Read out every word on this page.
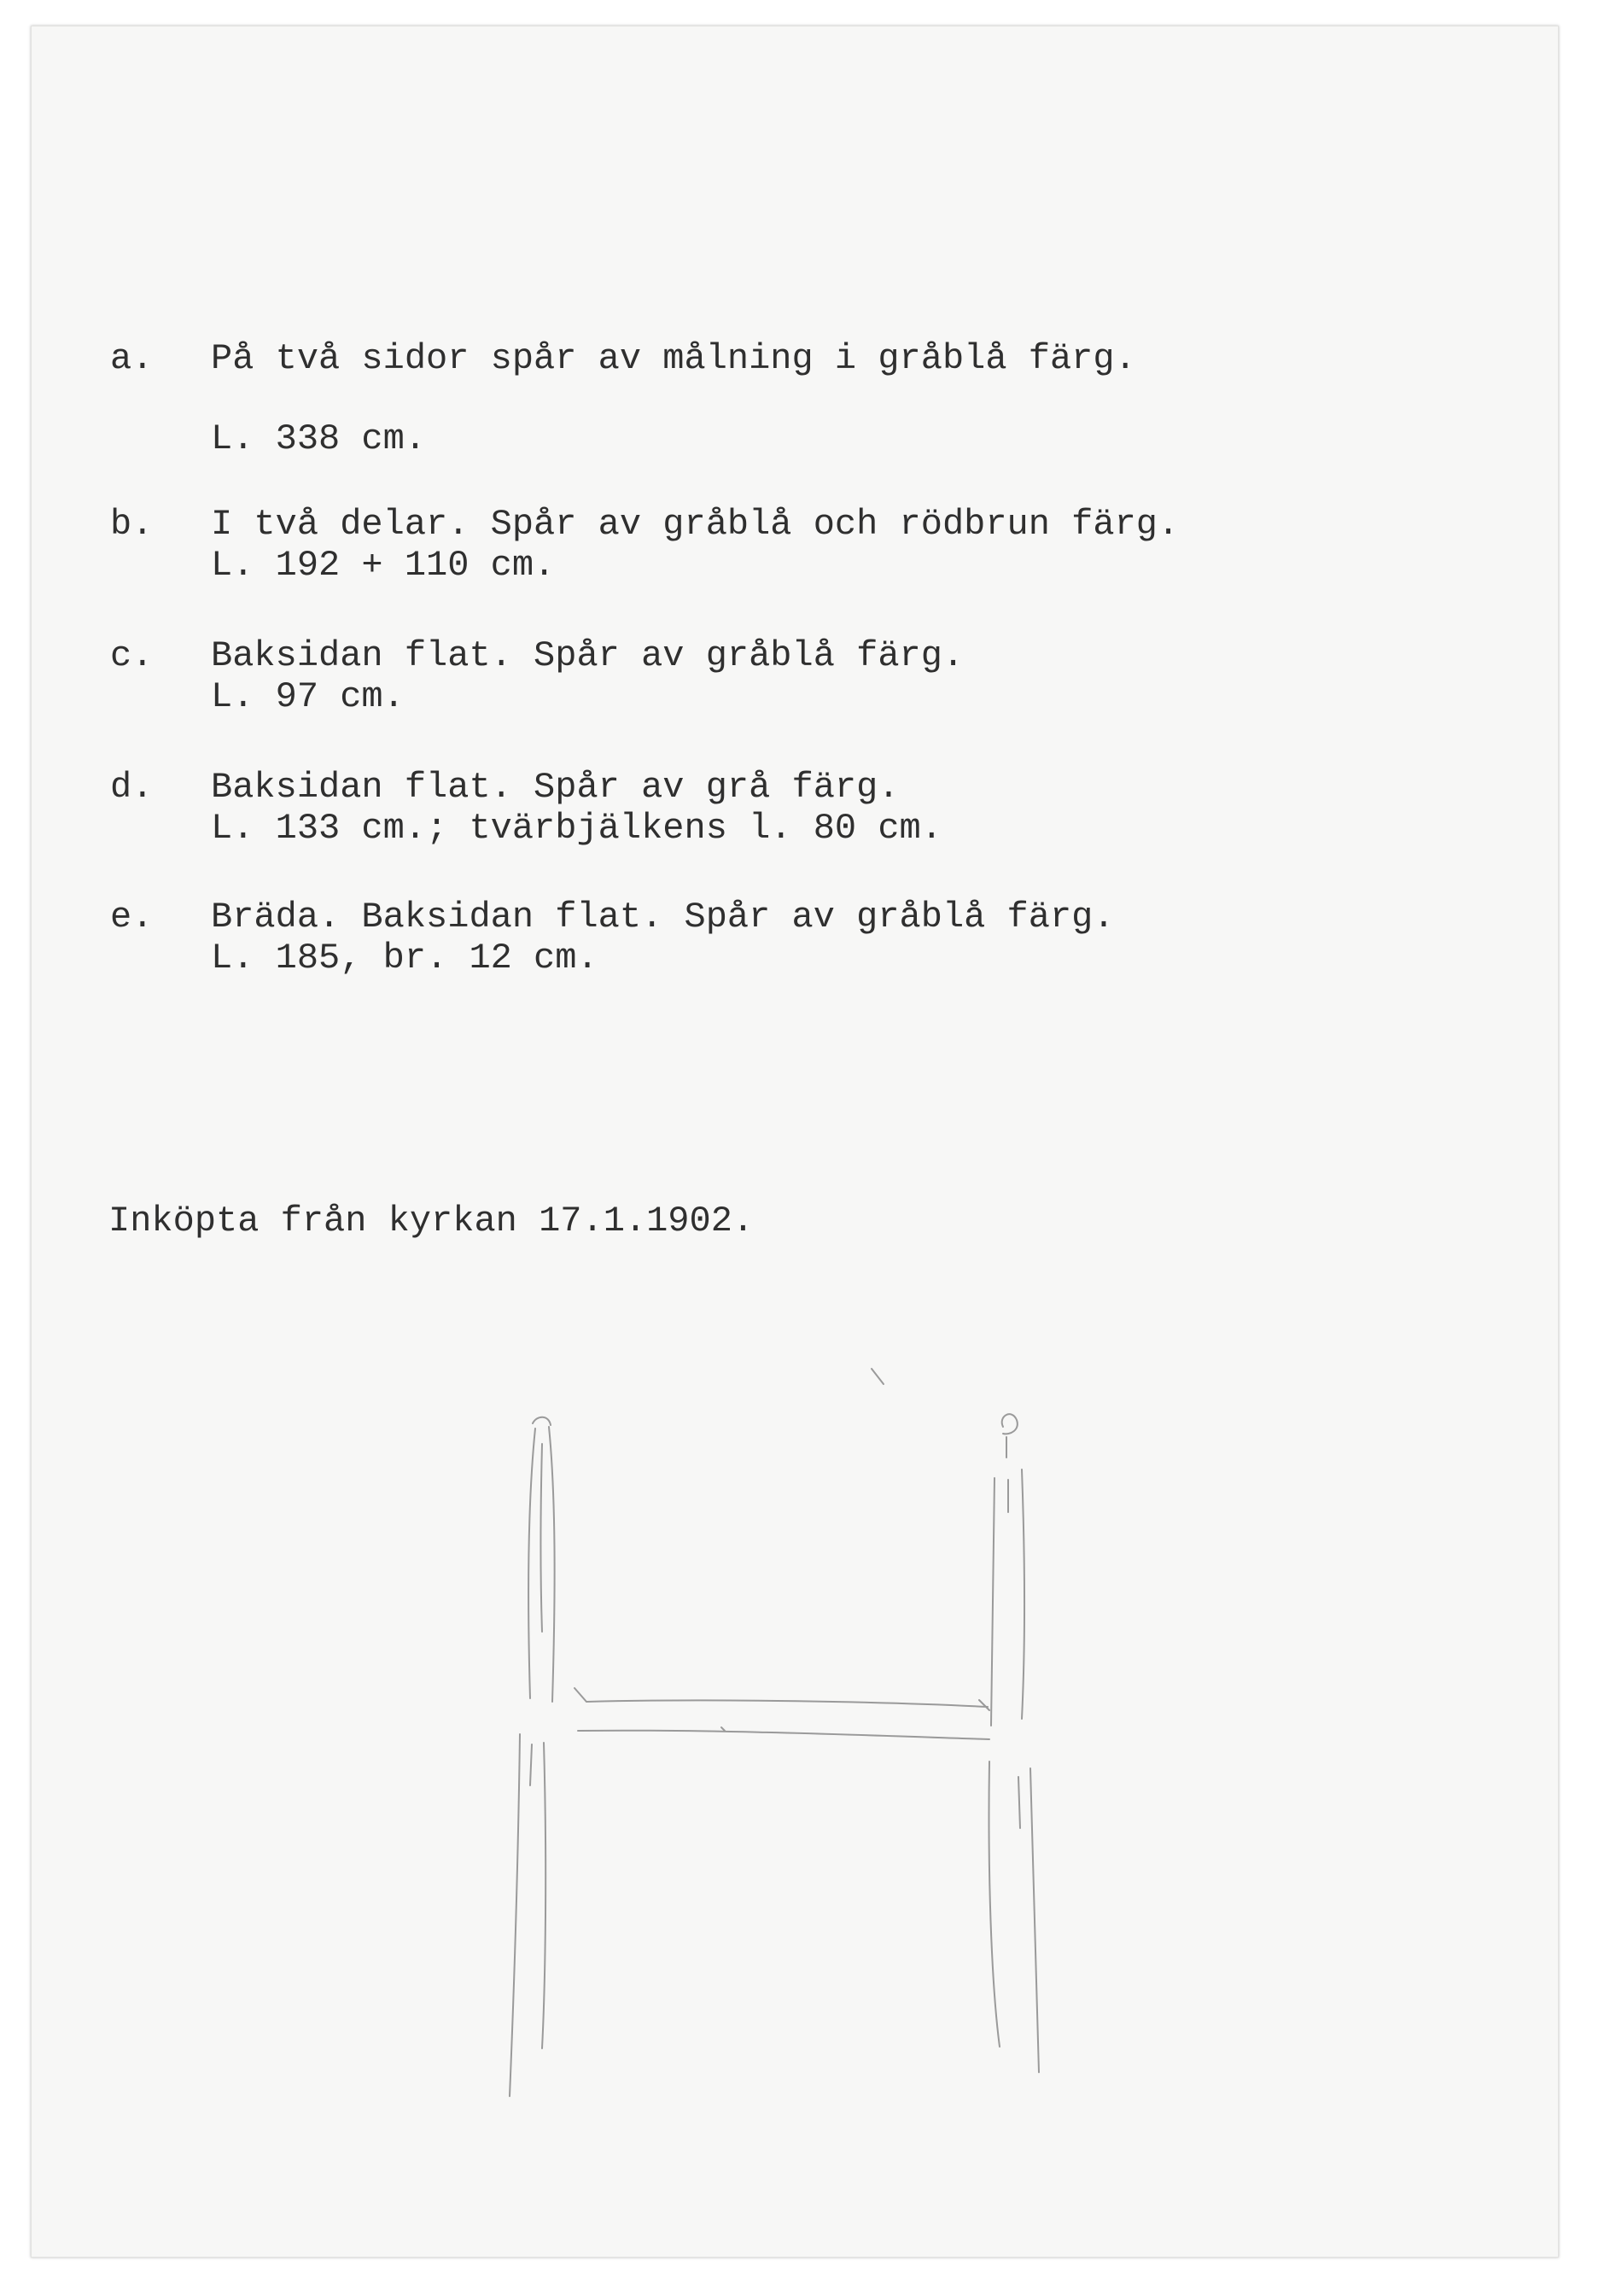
a. På två sidor spår av målning i gråblå färg.
L. 338 cm.
b. I två delar. Spår av gråblå och rödbrun färg.
L. 192 + 110 cm.
c. Baksidan flat. Spår av gråblå färg.
L. 97 cm.
d. Baksidan flat. Spår av grå färg.
L. 133 cm.; tvärbjälkens l. 80 cm.
e. Bräda. Baksidan flat. Spår av gråblå färg.
L. 185, br. 12 cm.
Inköpta från kyrkan 17.1.1902.
